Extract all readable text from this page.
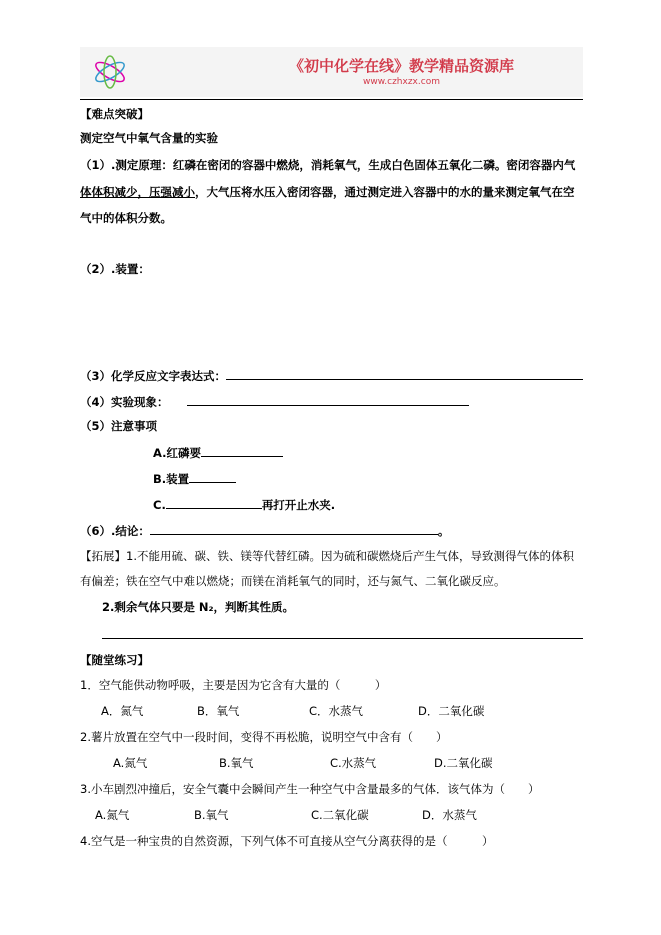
《初中化学在线》教学精品资源库
www.czhxzx.com
【难点突破】
测定空气中氧气含量的实验
（1）.测定原理：红磷在密闭的容器中燃烧，消耗氧气，生成白色固体五氧化二磷。密闭容器内气
体体积减少，压强减小，大气压将水压入密闭容器，通过测定进入容器中的水的量来测定氧气在空
气中的体积分数。
（2）.装置：
（3）化学反应文字表达式：
（4）实验现象：
（5）注意事项
A.红磷要
B.装置
C.	再打开止水夹.
（6）.结论：	。
【拓展】1.不能用硫、碳、铁、镁等代替红磷。因为硫和碳燃烧后产生气体，导致测得气体的体积
有偏差；铁在空气中难以燃烧；而镁在消耗氧气的同时，还与氮气、二氧化碳反应。
2.剩余气体只要是 N₂，判断其性质。
【随堂练习】
1．空气能供动物呼吸，主要是因为它含有大量的（　　　）
A．氮气	B．氧气	C．水蒸气	D．二氧化碳
2.薯片放置在空气中一段时间，变得不再松脆，说明空气中含有（　　）
A.氮气	B.氧气	C.水蒸气	D.二氧化碳
3.小车剧烈冲撞后，安全气囊中会瞬间产生一种空气中含量最多的气体．该气体为（　　）
A.氮气	B.氧气	C.二氧化碳	D．水蒸气
4.空气是一种宝贵的自然资源，下列气体不可直接从空气分离获得的是（　　　）
